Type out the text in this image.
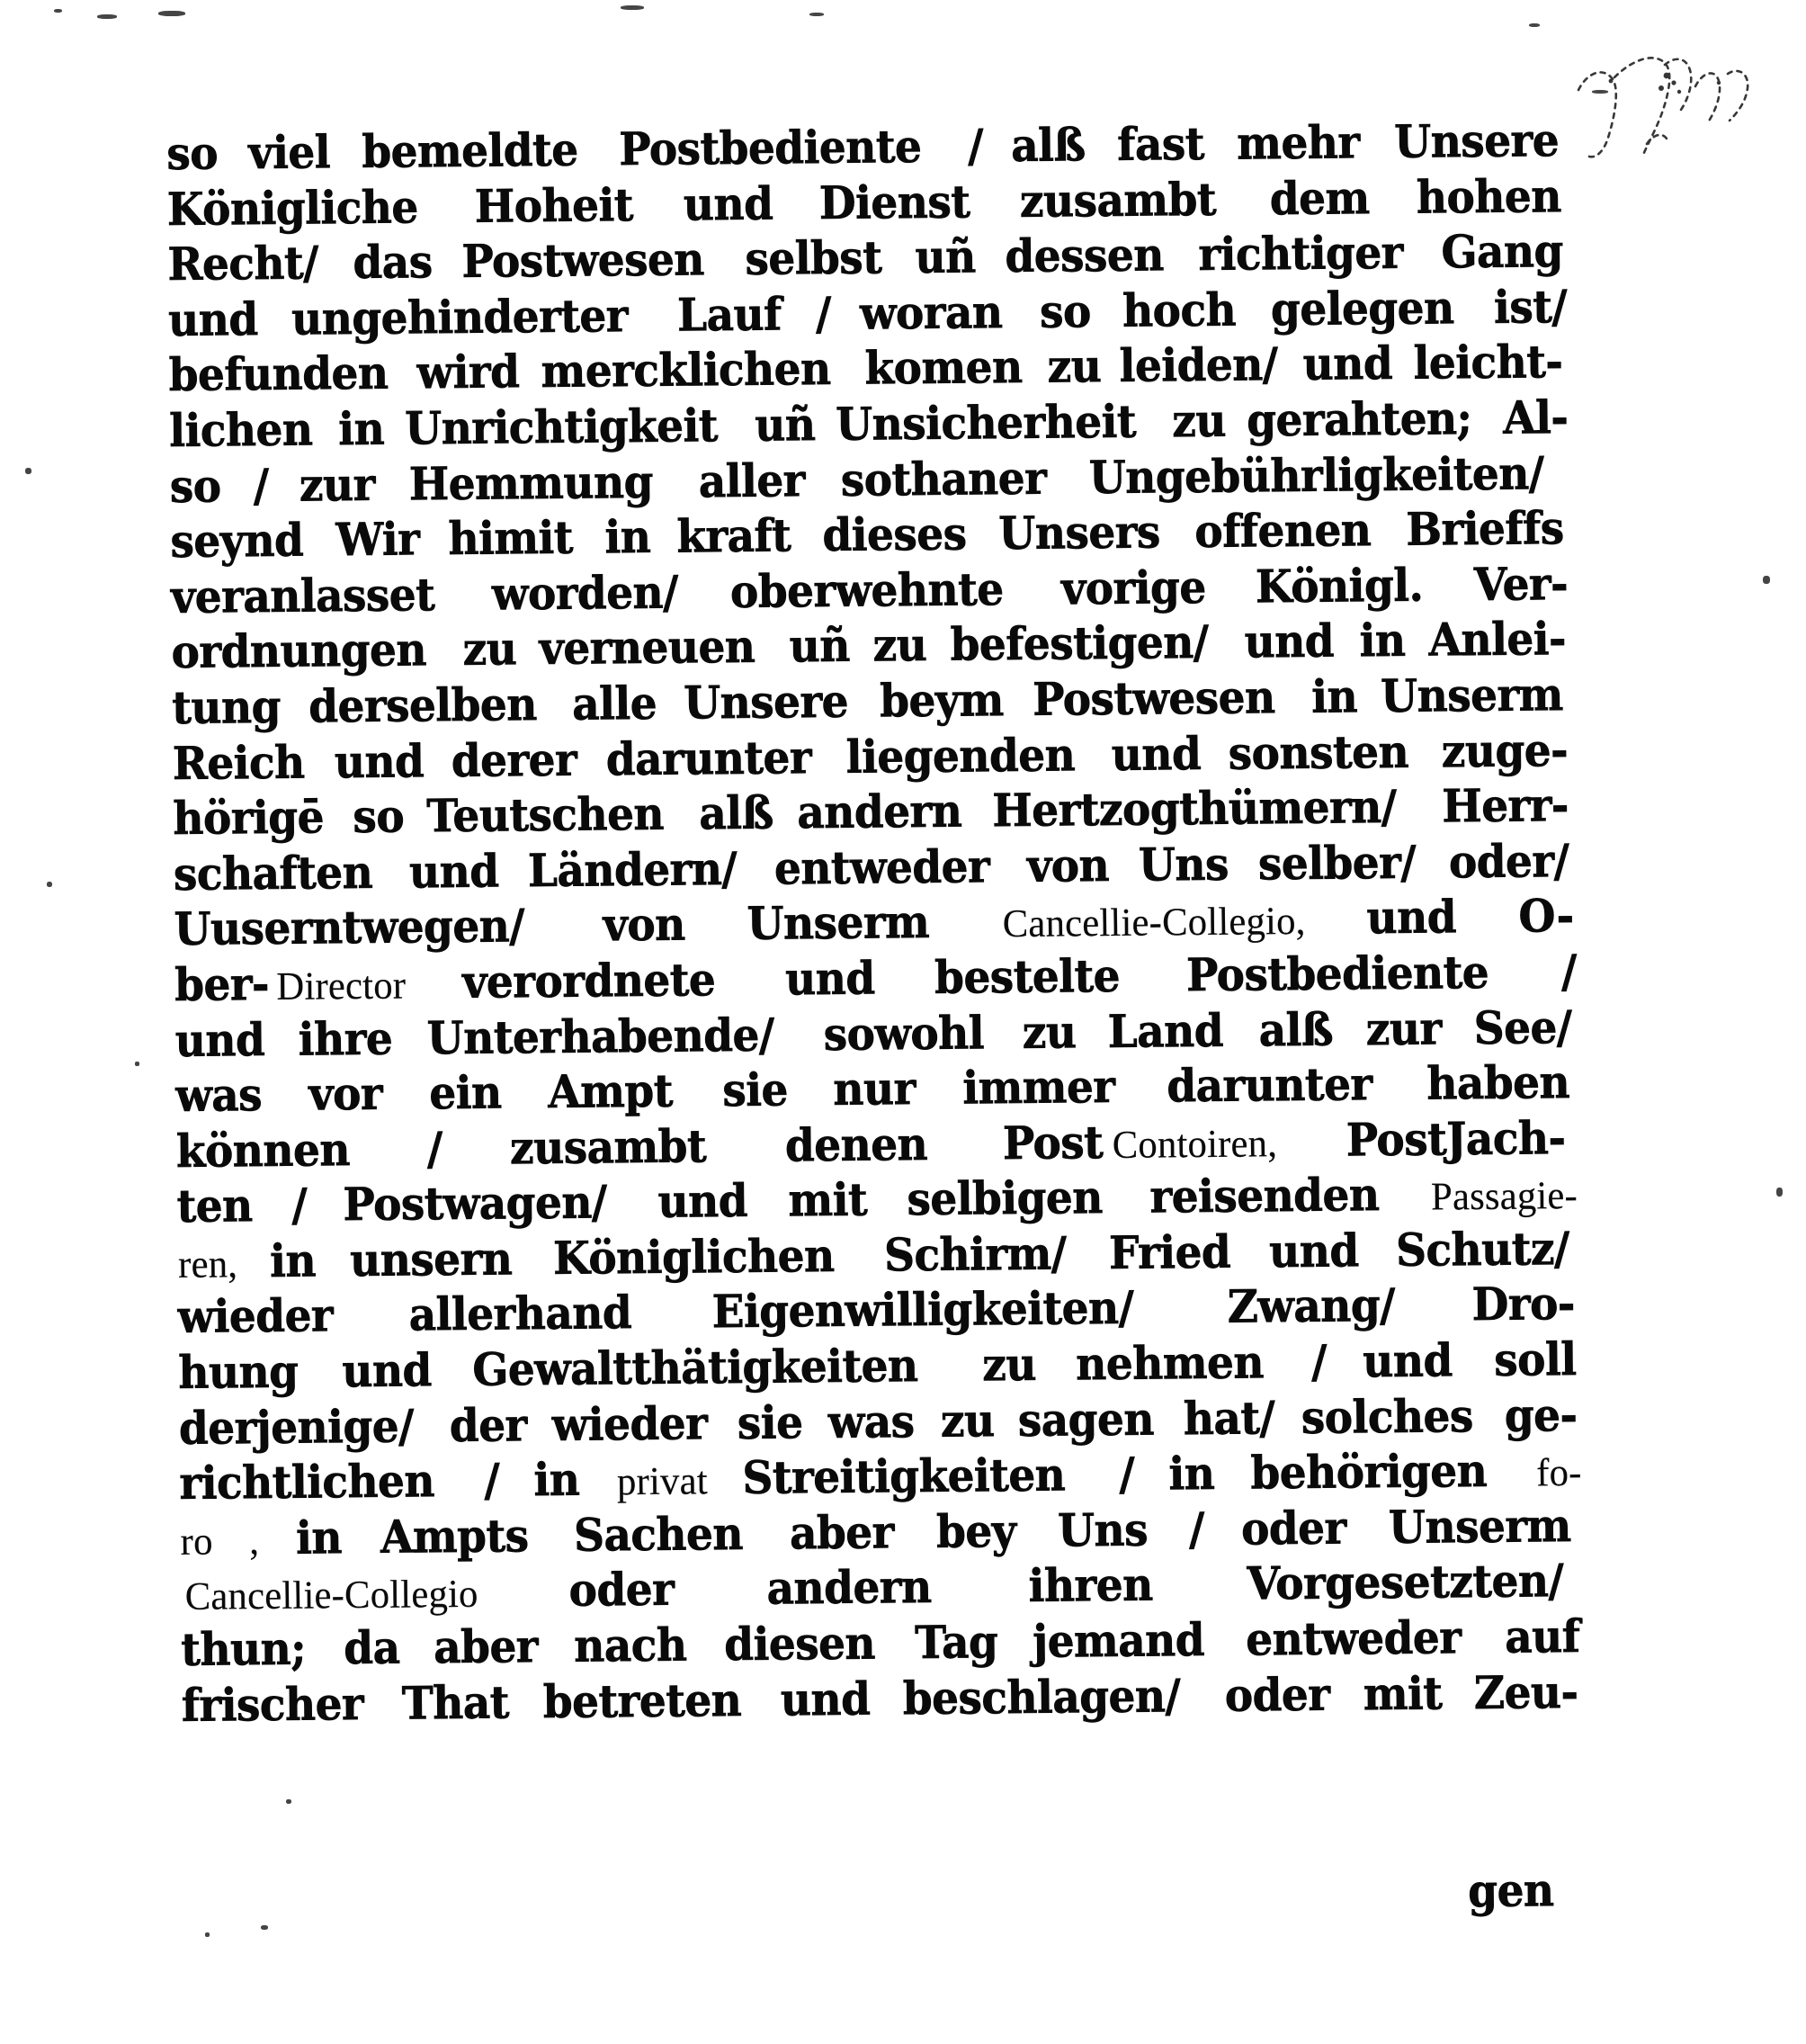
so viel bemeldte Postbediente	/ alß fast mehr Unsere
Königliche	Hoheit und Dienst zusambt dem hohen
Recht/ das Postwesen selbst uñ dessen richtiger Gang
und ungehinderter	Lauf / woran so hoch gelegen ist/
befunden wird mercklichen komen zu leiden/ und leicht-
lichen in Unrichtigkeit uñ Unsicherheit zu gerahten; Al-
so / zur Hemmung aller sothaner Ungebührligkeiten/
seynd Wir himit in kraft dieses Unsers offenen Brieffs
veranlasset	worden/ oberwehnte	vorige Königl. Ver-
ordnungen zu verneuen uñ zu befestigen/ und in Anlei-
tung derselben alle Unsere beym Postwesen in Unserm
Reich und derer darunter liegenden und sonsten zuge-
hörigē so Teutschen alß andern Hertzogthümern/	Herr-
schaften und Ländern/ entweder von Uns selber/ oder/
Uuserntwegen/	von Unserm Cancellie-Collegio, und O-
ber- Director verordnete	und bestelte Postbediente	/
und ihre Unterhabende/	sowohl zu Land alß zur See/
was vor ein Ampt sie nur immer darunter haben
können / zusambt denen Post Contoiren, PostJach-
ten / Postwagen/	und mit selbigen reisenden	Passagie-
ren, in unsern Königlichen	Schirm/ Fried und Schutz/
wieder allerhand	Eigenwilligkeiten/	Zwang/ Dro-
hung und Gewaltthätigkeiten	zu nehmen / und soll
derjenige/ der wieder sie was zu sagen hat/ solches ge-
richtlichen	/ in privat Streitigkeiten	/ in behörigen	fo-
ro , in Ampts Sachen aber bey Uns / oder Unserm
Cancellie-Collegio oder andern ihren Vorgesetzten/
thun; da aber nach diesen Tag jemand entweder auf
frischer That betreten und beschlagen/ oder mit Zeu-
gen
